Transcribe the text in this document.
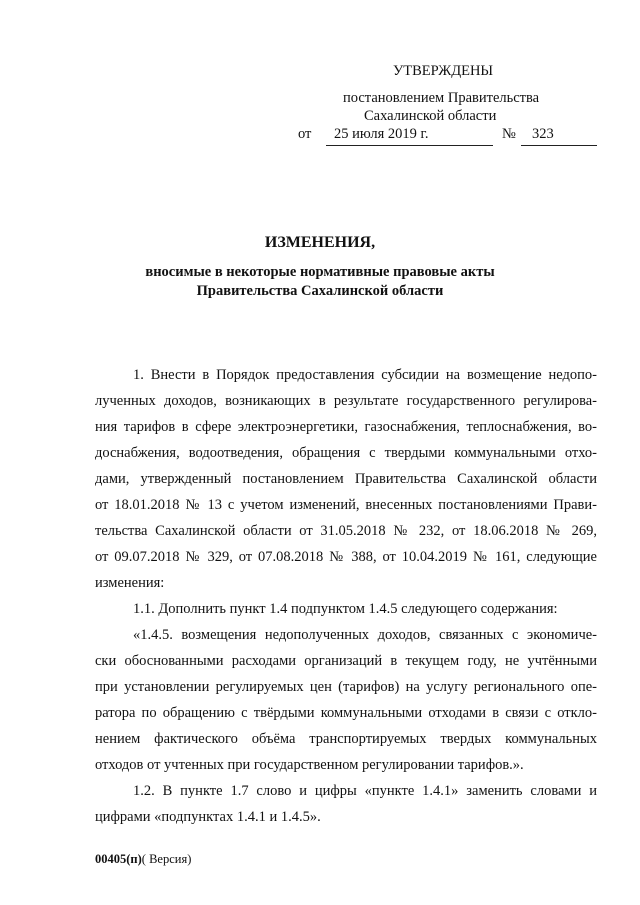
УТВЕРЖДЕНЫ
постановлением Правительства
Сахалинской области
от 25 июля 2019 г.	№ 323
ИЗМЕНЕНИЯ,
вносимые в некоторые нормативные правовые акты
Правительства Сахалинской области
1. Внести в Порядок предоставления субсидии на возмещение недопо-
лученных доходов, возникающих в результате государственного регулирова-
ния тарифов в сфере электроэнергетики, газоснабжения, теплоснабжения, во-
доснабжения, водоотведения, обращения с твердыми коммунальными отхо-
дами, утвержденный постановлением Правительства Сахалинской области
от 18.01.2018 № 13 с учетом изменений, внесенных постановлениями Прави-
тельства Сахалинской области от 31.05.2018 № 232, от 18.06.2018 № 269,
от 09.07.2018 № 329, от 07.08.2018 № 388, от 10.04.2019 № 161, следующие
изменения:
1.1. Дополнить пункт 1.4 подпунктом 1.4.5 следующего содержания:
«1.4.5. возмещения недополученных доходов, связанных с экономиче-
ски обоснованными расходами организаций в текущем году, не учтёнными
при установлении регулируемых цен (тарифов) на услугу регионального опе-
ратора по обращению с твёрдыми коммунальными отходами в связи с откло-
нением фактического объёма транспортируемых твердых коммунальных
отходов от учтенных при государственном регулировании тарифов.».
1.2. В пункте 1.7 слово и цифры «пункте 1.4.1» заменить словами и
цифрами «подпунктах 1.4.1 и 1.4.5».
00405(п)( Версия)
